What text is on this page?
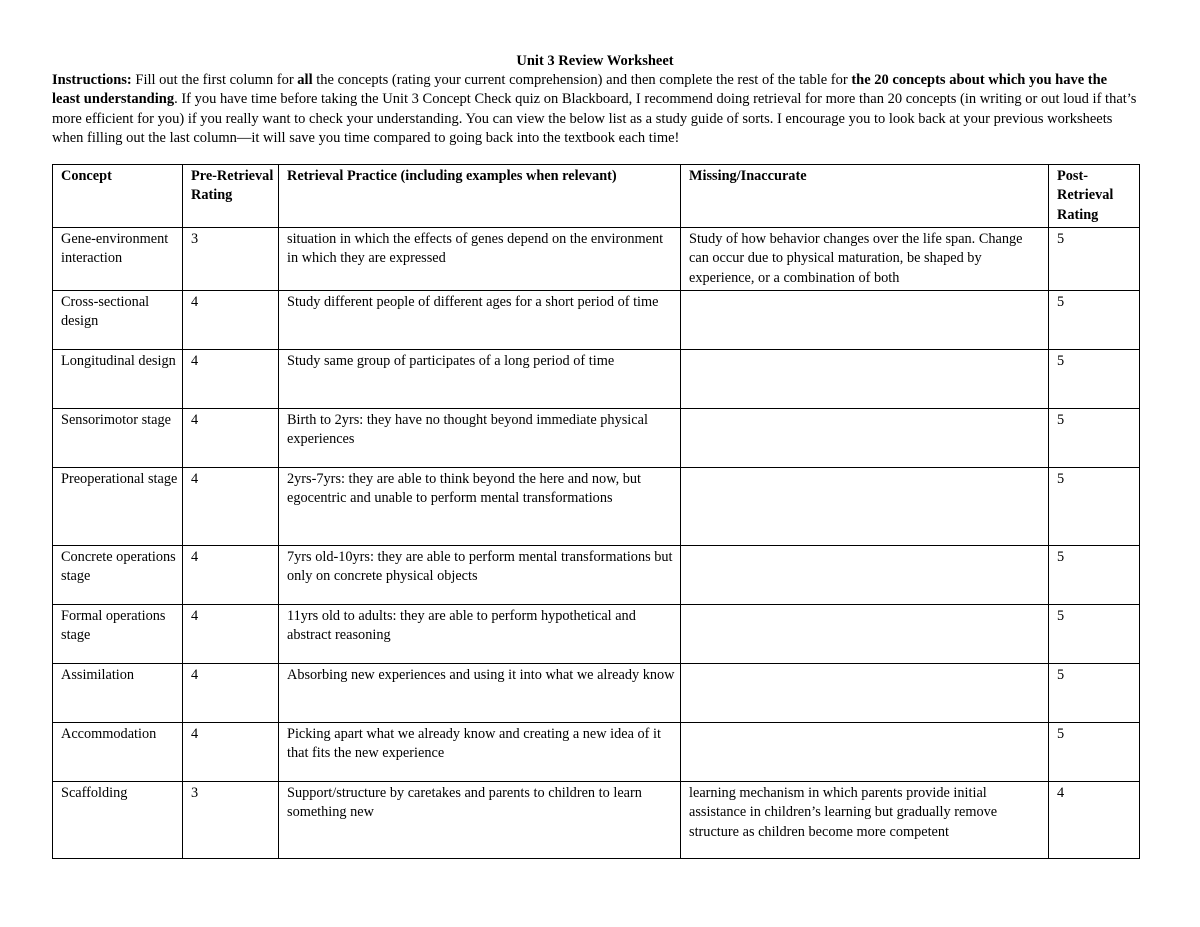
Unit 3 Review Worksheet

Instructions: Fill out the first column for all the concepts (rating your current comprehension) and then complete the rest of the table for the 20 concepts about which you have the least understanding. If you have time before taking the Unit 3 Concept Check quiz on Blackboard, I recommend doing retrieval for more than 20 concepts (in writing or out loud if that’s more efficient for you) if you really want to check your understanding. You can view the below list as a study guide of sorts. I encourage you to look back at your previous worksheets when filling out the last column—it will save you time compared to going back into the textbook each time!

Concept	Pre-Retrieval Rating	Retrieval Practice (including examples when relevant)	Missing/Inaccurate	Post-Retrieval Rating
Gene-environment interaction	3	situation in which the effects of genes depend on the environment in which they are expressed	Study of how behavior changes over the life span. Change can occur due to physical maturation, be shaped by experience, or a combination of both	5
Cross-sectional design	4	Study different people of different ages for a short period of time		5
Longitudinal design	4	Study same group of participates of a long period of time		5
Sensorimotor stage	4	Birth to 2yrs: they have no thought beyond immediate physical experiences		5
Preoperational stage	4	2yrs-7yrs: they are able to think beyond the here and now, but egocentric and unable to perform mental transformations		5
Concrete operations stage	4	7yrs old-10yrs: they are able to perform mental transformations but only on concrete physical objects		5
Formal operations stage	4	11yrs old to adults: they are able to perform hypothetical and abstract reasoning		5
Assimilation	4	Absorbing new experiences and using it into what we already know		5
Accommodation	4	Picking apart what we already know and creating a new idea of it that fits the new experience		5
Scaffolding	3	Support/structure by caretakes and parents to children to learn something new	learning mechanism in which parents provide initial assistance in children’s learning but gradually remove structure as children become more competent	4
